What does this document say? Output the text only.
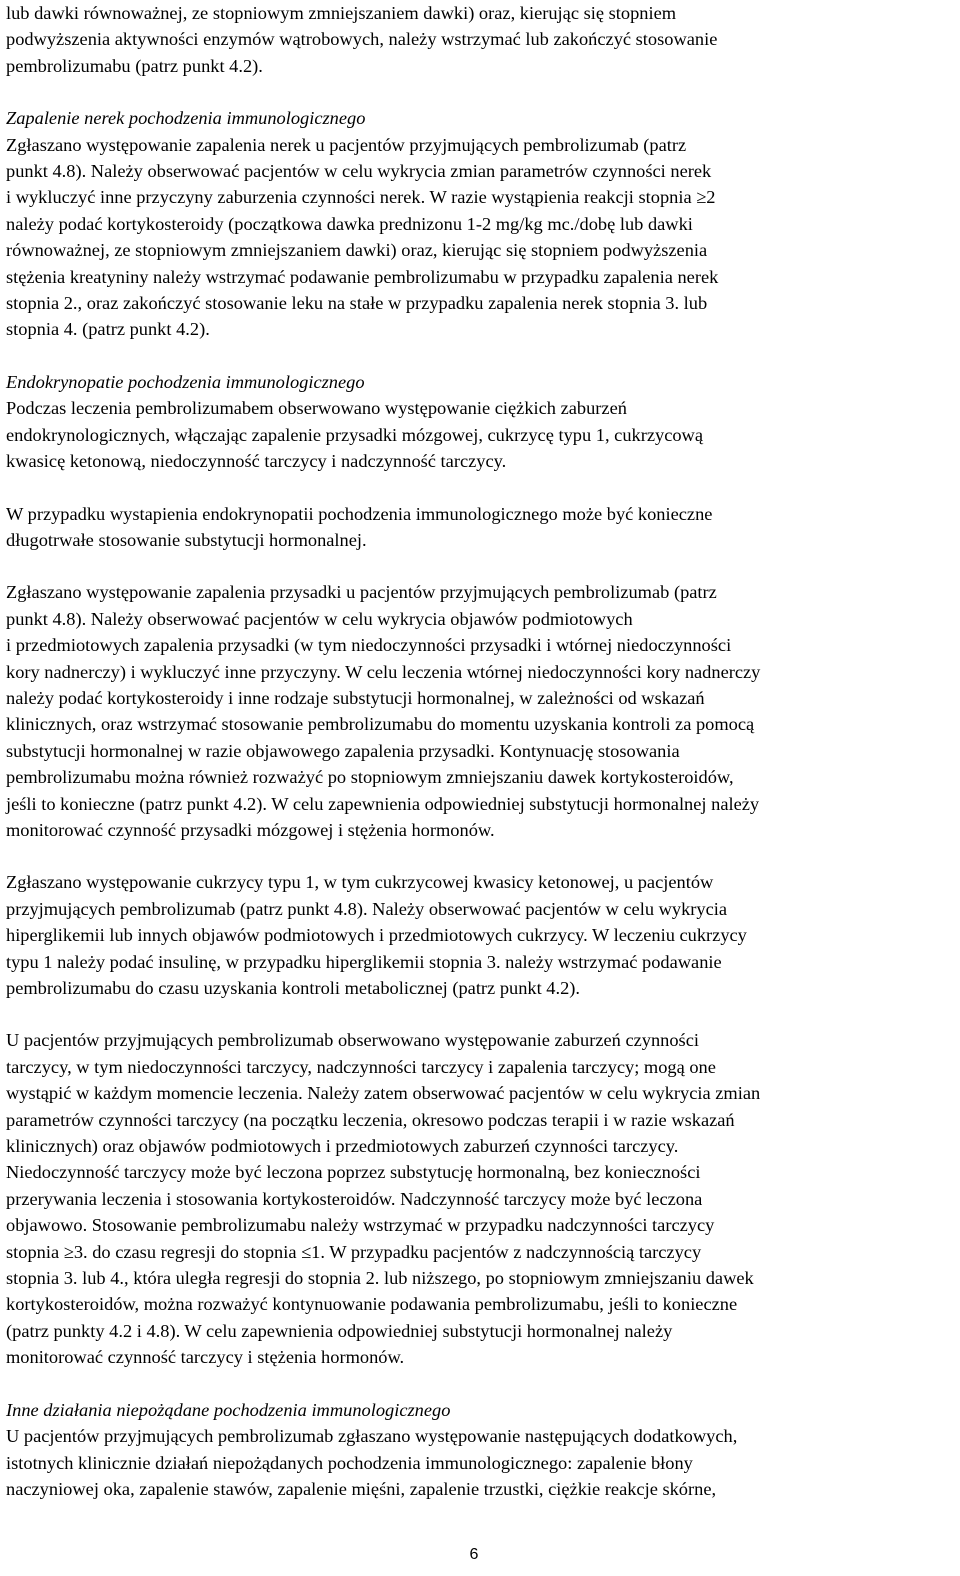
lub dawki równoważnej, ze stopniowym zmniejszaniem dawki) oraz, kierując się stopniem
podwyższenia aktywności enzymów wątrobowych, należy wstrzymać lub zakończyć stosowanie
pembrolizumabu (patrz punkt 4.2).
Zapalenie nerek pochodzenia immunologicznego
Zgłaszano występowanie zapalenia nerek u pacjentów przyjmujących pembrolizumab (patrz
punkt 4.8). Należy obserwować pacjentów w celu wykrycia zmian parametrów czynności nerek
i wykluczyć inne przyczyny zaburzenia czynności nerek. W razie wystąpienia reakcji stopnia ≥2
należy podać kortykosteroidy (początkowa dawka prednizonu 1-2 mg/kg mc./dobę lub dawki
równoważnej, ze stopniowym zmniejszaniem dawki) oraz, kierując się stopniem podwyższenia
stężenia kreatyniny należy wstrzymać podawanie pembrolizumabu w przypadku zapalenia nerek
stopnia 2., oraz zakończyć stosowanie leku na stałe w przypadku zapalenia nerek stopnia 3. lub
stopnia 4. (patrz punkt 4.2).
Endokrynopatie pochodzenia immunologicznego
Podczas leczenia pembrolizumabem obserwowano występowanie ciężkich zaburzeń
endokrynologicznych, włączając zapalenie przysadki mózgowej, cukrzycę typu 1, cukrzycową
kwasicę ketonową, niedoczynność tarczycy i nadczynność tarczycy.
W przypadku wystapienia endokrynopatii pochodzenia immunologicznego może być konieczne
długotrwałe stosowanie substytucji hormonalnej.
Zgłaszano występowanie zapalenia przysadki u pacjentów przyjmujących pembrolizumab (patrz
punkt 4.8). Należy obserwować pacjentów w celu wykrycia objawów podmiotowych
i przedmiotowych zapalenia przysadki (w tym niedoczynności przysadki i wtórnej niedoczynności
kory nadnerczy) i wykluczyć inne przyczyny. W celu leczenia wtórnej niedoczynności kory nadnerczy
należy podać kortykosteroidy i inne rodzaje substytucji hormonalnej, w zależności od wskazań
klinicznych, oraz wstrzymać stosowanie pembrolizumabu do momentu uzyskania kontroli za pomocą
substytucji hormonalnej w razie objawowego zapalenia przysadki. Kontynuację stosowania
pembrolizumabu można również rozważyć po stopniowym zmniejszaniu dawek kortykosteroidów,
jeśli to konieczne (patrz punkt 4.2). W celu zapewnienia odpowiedniej substytucji hormonalnej należy
monitorować czynność przysadki mózgowej i stężenia hormonów.
Zgłaszano występowanie cukrzycy typu 1, w tym cukrzycowej kwasicy ketonowej, u pacjentów
przyjmujących pembrolizumab (patrz punkt 4.8). Należy obserwować pacjentów w celu wykrycia
hiperglikemii lub innych objawów podmiotowych i przedmiotowych cukrzycy. W leczeniu cukrzycy
typu 1 należy podać insulinę, w przypadku hiperglikemii stopnia 3. należy wstrzymać podawanie
pembrolizumabu do czasu uzyskania kontroli metabolicznej (patrz punkt 4.2).
U pacjentów przyjmujących pembrolizumab obserwowano występowanie zaburzeń czynności
tarczycy, w tym niedoczynności tarczycy, nadczynności tarczycy i zapalenia tarczycy; mogą one
wystąpić w każdym momencie leczenia. Należy zatem obserwować pacjentów w celu wykrycia zmian
parametrów czynności tarczycy (na początku leczenia, okresowo podczas terapii i w razie wskazań
klinicznych) oraz objawów podmiotowych i przedmiotowych zaburzeń czynności tarczycy.
Niedoczynność tarczycy może być leczona poprzez substytucję hormonalną, bez konieczności
przerywania leczenia i stosowania kortykosteroidów. Nadczynność tarczycy może być leczona
objawowo. Stosowanie pembrolizumabu należy wstrzymać w przypadku nadczynności tarczycy
stopnia ≥3. do czasu regresji do stopnia ≤1. W przypadku pacjentów z nadczynnością tarczycy
stopnia 3. lub 4., która uległa regresji do stopnia 2. lub niższego, po stopniowym zmniejszaniu dawek
kortykosteroidów, można rozważyć kontynuowanie podawania pembrolizumabu, jeśli to konieczne
(patrz punkty 4.2 i 4.8). W celu zapewnienia odpowiedniej substytucji hormonalnej należy
monitorować czynność tarczycy i stężenia hormonów.
Inne działania niepożądane pochodzenia immunologicznego
U pacjentów przyjmujących pembrolizumab zgłaszano występowanie następujących dodatkowych,
istotnych klinicznie działań niepożądanych pochodzenia immunologicznego: zapalenie błony
naczyniowej oka, zapalenie stawów, zapalenie mięśni, zapalenie trzustki, ciężkie reakcje skórne,
6
